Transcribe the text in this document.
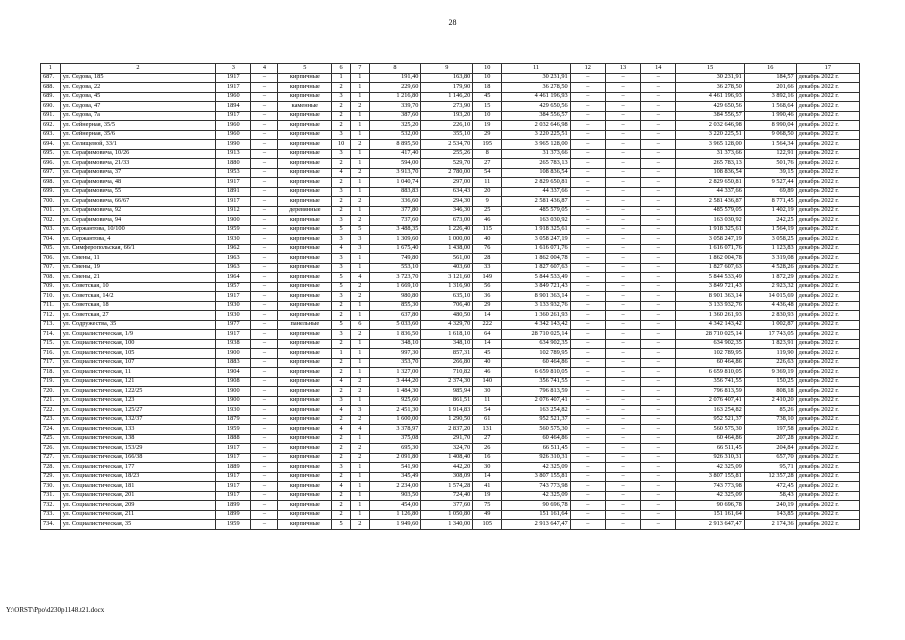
28
1	2	3	4	5	6	7	8	9	10	11	12	13	14	15	16	17
687.	ул. Седова, 185	1917	–	кирпичные	1	1	191,40	163,80	10	30 231,91	–	–	–	30 231,91	184,57	декабрь 2022 г.
688.	ул. Седова, 22	1917	–	кирпичные	2	1	229,60	179,90	18	36 278,50	–	–	–	36 278,50	201,66	декабрь 2022 г.
689.	ул. Седова, 45	1960	–	кирпичные	3	1	1 216,80	1 146,20	45	4 461 196,93	–	–	–	4 461 196,93	3 892,16	декабрь 2022 г.
690.	ул. Седова, 47	1894	–	каменные	2	2	339,70	273,90	15	429 650,56	–	–	–	429 650,56	1 568,64	декабрь 2022 г.
691.	ул. Седова, 7а	1917	–	кирпичные	2	1	387,60	193,20	10	384 556,57	–	–	–	384 556,57	1 990,46	декабрь 2022 г.
692.	ул. Сейнерная, 35/5	1960	–	кирпичные	2	1	325,20	226,10	19	2 032 646,98	–	–	–	2 032 646,98	8 990,04	декабрь 2022 г.
693.	ул. Сейнерная, 35/6	1960	–	кирпичные	3	1	532,00	355,10	29	3 220 225,51	–	–	–	3 220 225,51	9 068,50	декабрь 2022 г.
694.	ул. Селищевой, 33/1	1990	–	кирпичные	10	2	8 895,50	2 534,70	195	3 965 128,00	–	–	–	3 965 128,00	1 564,34	декабрь 2022 г.
695.	ул. Серафимовича, 10/26	1913	–	кирпичные	3	1	417,40	255,26	8	31 373,66	–	–	–	31 373,66	122,91	декабрь 2022 г.
696.	ул. Серафимовича, 21/33	1880	–	кирпичные	2	1	594,00	529,70	27	265 783,13	–	–	–	265 783,13	501,76	декабрь 2022 г.
697.	ул. Серафимовича, 37	1953	–	кирпичные	4	2	3 913,70	2 780,00	54	108 836,54	–	–	–	108 836,54	39,15	декабрь 2022 г.
698.	ул. Серафимовича, 48	1917	–	кирпичные	2	1	1 040,74	297,00	11	2 829 650,81	–	–	–	2 829 650,81	9 527,44	декабрь 2022 г.
699.	ул. Серафимовича, 55	1891	–	кирпичные	3	1	883,83	634,43	20	44 337,66	–	–	–	44 337,66	69,89	декабрь 2022 г.
700.	ул. Серафимовича, 66/67	1917	–	кирпичные	2	2	336,60	294,30	9	2 581 436,87	–	–	–	2 581 436,87	8 771,45	декабрь 2022 г.
701.	ул. Серафимовича, 92	1912	–	деревянные	2	1	377,80	346,30	25	485 579,05	–	–	–	485 579,05	1 402,19	декабрь 2022 г.
702.	ул. Серафимовича, 94	1900	–	кирпичные	3	2	737,60	673,00	46	163 030,92	–	–	–	163 030,92	242,25	декабрь 2022 г.
703.	ул. Сержантова, 10/100	1959	–	кирпичные	5	5	3 488,35	1 226,40	115	1 918 325,61	–	–	–	1 918 325,61	1 564,19	декабрь 2022 г.
704.	ул. Сержантова, 4	1930	–	кирпичные	3	3	1 309,60	1 000,00	40	3 058 247,19	–	–	–	3 058 247,19	3 058,25	декабрь 2022 г.
705.	ул. Симферопольская, 66/1	1962	–	кирпичные	4	3	1 675,40	1 438,00	76	1 616 071,76	–	–	–	1 616 071,76	1 123,83	декабрь 2022 г.
706.	ул. Смены, 11	1963	–	кирпичные	3	1	749,80	561,00	28	1 862 004,78	–	–	–	1 862 004,78	3 319,08	декабрь 2022 г.
707.	ул. Смены, 19	1963	–	кирпичные	3	1	553,10	403,60	33	1 827 607,63	–	–	–	1 827 607,63	4 528,26	декабрь 2022 г.
708.	ул. Смены, 21	1964	–	кирпичные	5	4	3 723,70	3 121,60	149	5 844 533,49	–	–	–	5 844 533,49	1 872,29	декабрь 2022 г.
709.	ул. Советская, 10	1957	–	кирпичные	5	2	1 669,10	1 316,90	56	3 849 721,43	–	–	–	3 849 721,43	2 923,32	декабрь 2022 г.
710.	ул. Советская, 14/2	1917	–	кирпичные	3	2	980,80	635,10	36	8 901 363,14	–	–	–	8 901 363,14	14 015,69	декабрь 2022 г.
711.	ул. Советская, 18	1930	–	кирпичные	2	1	855,30	706,40	29	3 133 932,76	–	–	–	3 133 932,76	4 436,48	декабрь 2022 г.
712.	ул. Советская, 27	1930	–	кирпичные	2	1	637,80	480,50	14	1 360 261,93	–	–	–	1 360 261,93	2 830,93	декабрь 2022 г.
713.	ул. Содружества, 35	1977	–	панельные	5	6	5 033,60	4 329,70	222	4 342 143,42	–	–	–	4 342 143,42	1 002,87	декабрь 2022 г.
714.	ул. Социалистическая, 1/9	1917	–	кирпичные	3	2	1 836,50	1 618,10	64	28 710 025,14	–	–	–	28 710 025,14	17 743,05	декабрь 2022 г.
715.	ул. Социалистическая, 100	1938	–	кирпичные	2	1	348,10	348,10	14	634 902,35	–	–	–	634 902,35	1 823,91	декабрь 2022 г.
716.	ул. Социалистическая, 105	1900	–	кирпичные	1	1	997,30	857,31	45	102 789,95	–	–	–	102 789,95	119,90	декабрь 2022 г.
717.	ул. Социалистическая, 107	1883	–	кирпичные	2	1	353,70	266,80	40	60 464,86	–	–	–	60 464,86	226,63	декабрь 2022 г.
718.	ул. Социалистическая, 11	1904	–	кирпичные	2	1	1 327,00	710,82	46	6 659 810,05	–	–	–	6 659 810,05	9 369,19	декабрь 2022 г.
719.	ул. Социалистическая, 121	1908	–	кирпичные	4	2	3 444,20	2 374,30	140	356 741,55	–	–	–	356 741,55	150,25	декабрь 2022 г.
720.	ул. Социалистическая, 122/25	1900	–	кирпичные	2	2	1 484,30	985,94	30	796 813,59	–	–	–	796 813,59	808,18	декабрь 2022 г.
721.	ул. Социалистическая, 123	1900	–	кирпичные	3	1	925,60	861,51	11	2 076 407,41	–	–	–	2 076 407,41	2 410,20	декабрь 2022 г.
722.	ул. Социалистическая, 125/27	1930	–	кирпичные	4	3	2 451,30	1 914,83	54	163 254,82	–	–	–	163 254,82	85,26	декабрь 2022 г.
723.	ул. Социалистическая, 132/37	1879	–	кирпичные	2	2	1 600,00	1 290,50	61	952 521,37	–	–	–	952 521,37	738,10	декабрь 2022 г.
724.	ул. Социалистическая, 133	1959	–	кирпичные	4	4	3 378,97	2 837,20	131	560 575,30	–	–	–	560 575,30	197,58	декабрь 2022 г.
725.	ул. Социалистическая, 138	1888	–	кирпичные	2	1	375,08	291,70	27	60 464,86	–	–	–	60 464,86	207,28	декабрь 2022 г.
726.	ул. Социалистическая, 153/29	1917	–	кирпичные	2	2	695,30	324,70	26	66 511,45	–	–	–	66 511,45	204,84	декабрь 2022 г.
727.	ул. Социалистическая, 166/38	1917	–	кирпичные	2	2	2 091,80	1 408,40	16	926 310,31	–	–	–	926 310,31	657,70	декабрь 2022 г.
728.	ул. Социалистическая, 177	1889	–	кирпичные	3	1	541,90	442,20	30	42 325,09	–	–	–	42 325,09	95,71	декабрь 2022 г.
729.	ул. Социалистическая, 18/23	1917	–	кирпичные	2	1	345,49	308,09	14	3 807 155,81	–	–	–	3 807 155,81	12 357,28	декабрь 2022 г.
730.	ул. Социалистическая, 181	1917	–	кирпичные	4	1	2 234,00	1 574,28	41	743 773,98	–	–	–	743 773,98	472,45	декабрь 2022 г.
731.	ул. Социалистическая, 201	1917	–	кирпичные	2	1	903,50	724,40	19	42 325,09	–	–	–	42 325,09	58,43	декабрь 2022 г.
732.	ул. Социалистическая, 209	1899	–	кирпичные	2	1	454,00	377,60	75	90 696,78	–	–	–	90 696,78	240,19	декабрь 2022 г.
733.	ул. Социалистическая, 211	1899	–	кирпичные	2	1	1 126,80	1 050,80	49	151 161,64	–	–	–	151 161,64	143,85	декабрь 2022 г.
734.	ул. Социалистическая, 35	1959	–	кирпичные	5	2	1 949,60	1 340,00	105	2 913 647,47	–	–	–	2 913 647,47	2 174,36	декабрь 2022 г.
Y:\ORST\Ppo\d230p1148.t21.docx
